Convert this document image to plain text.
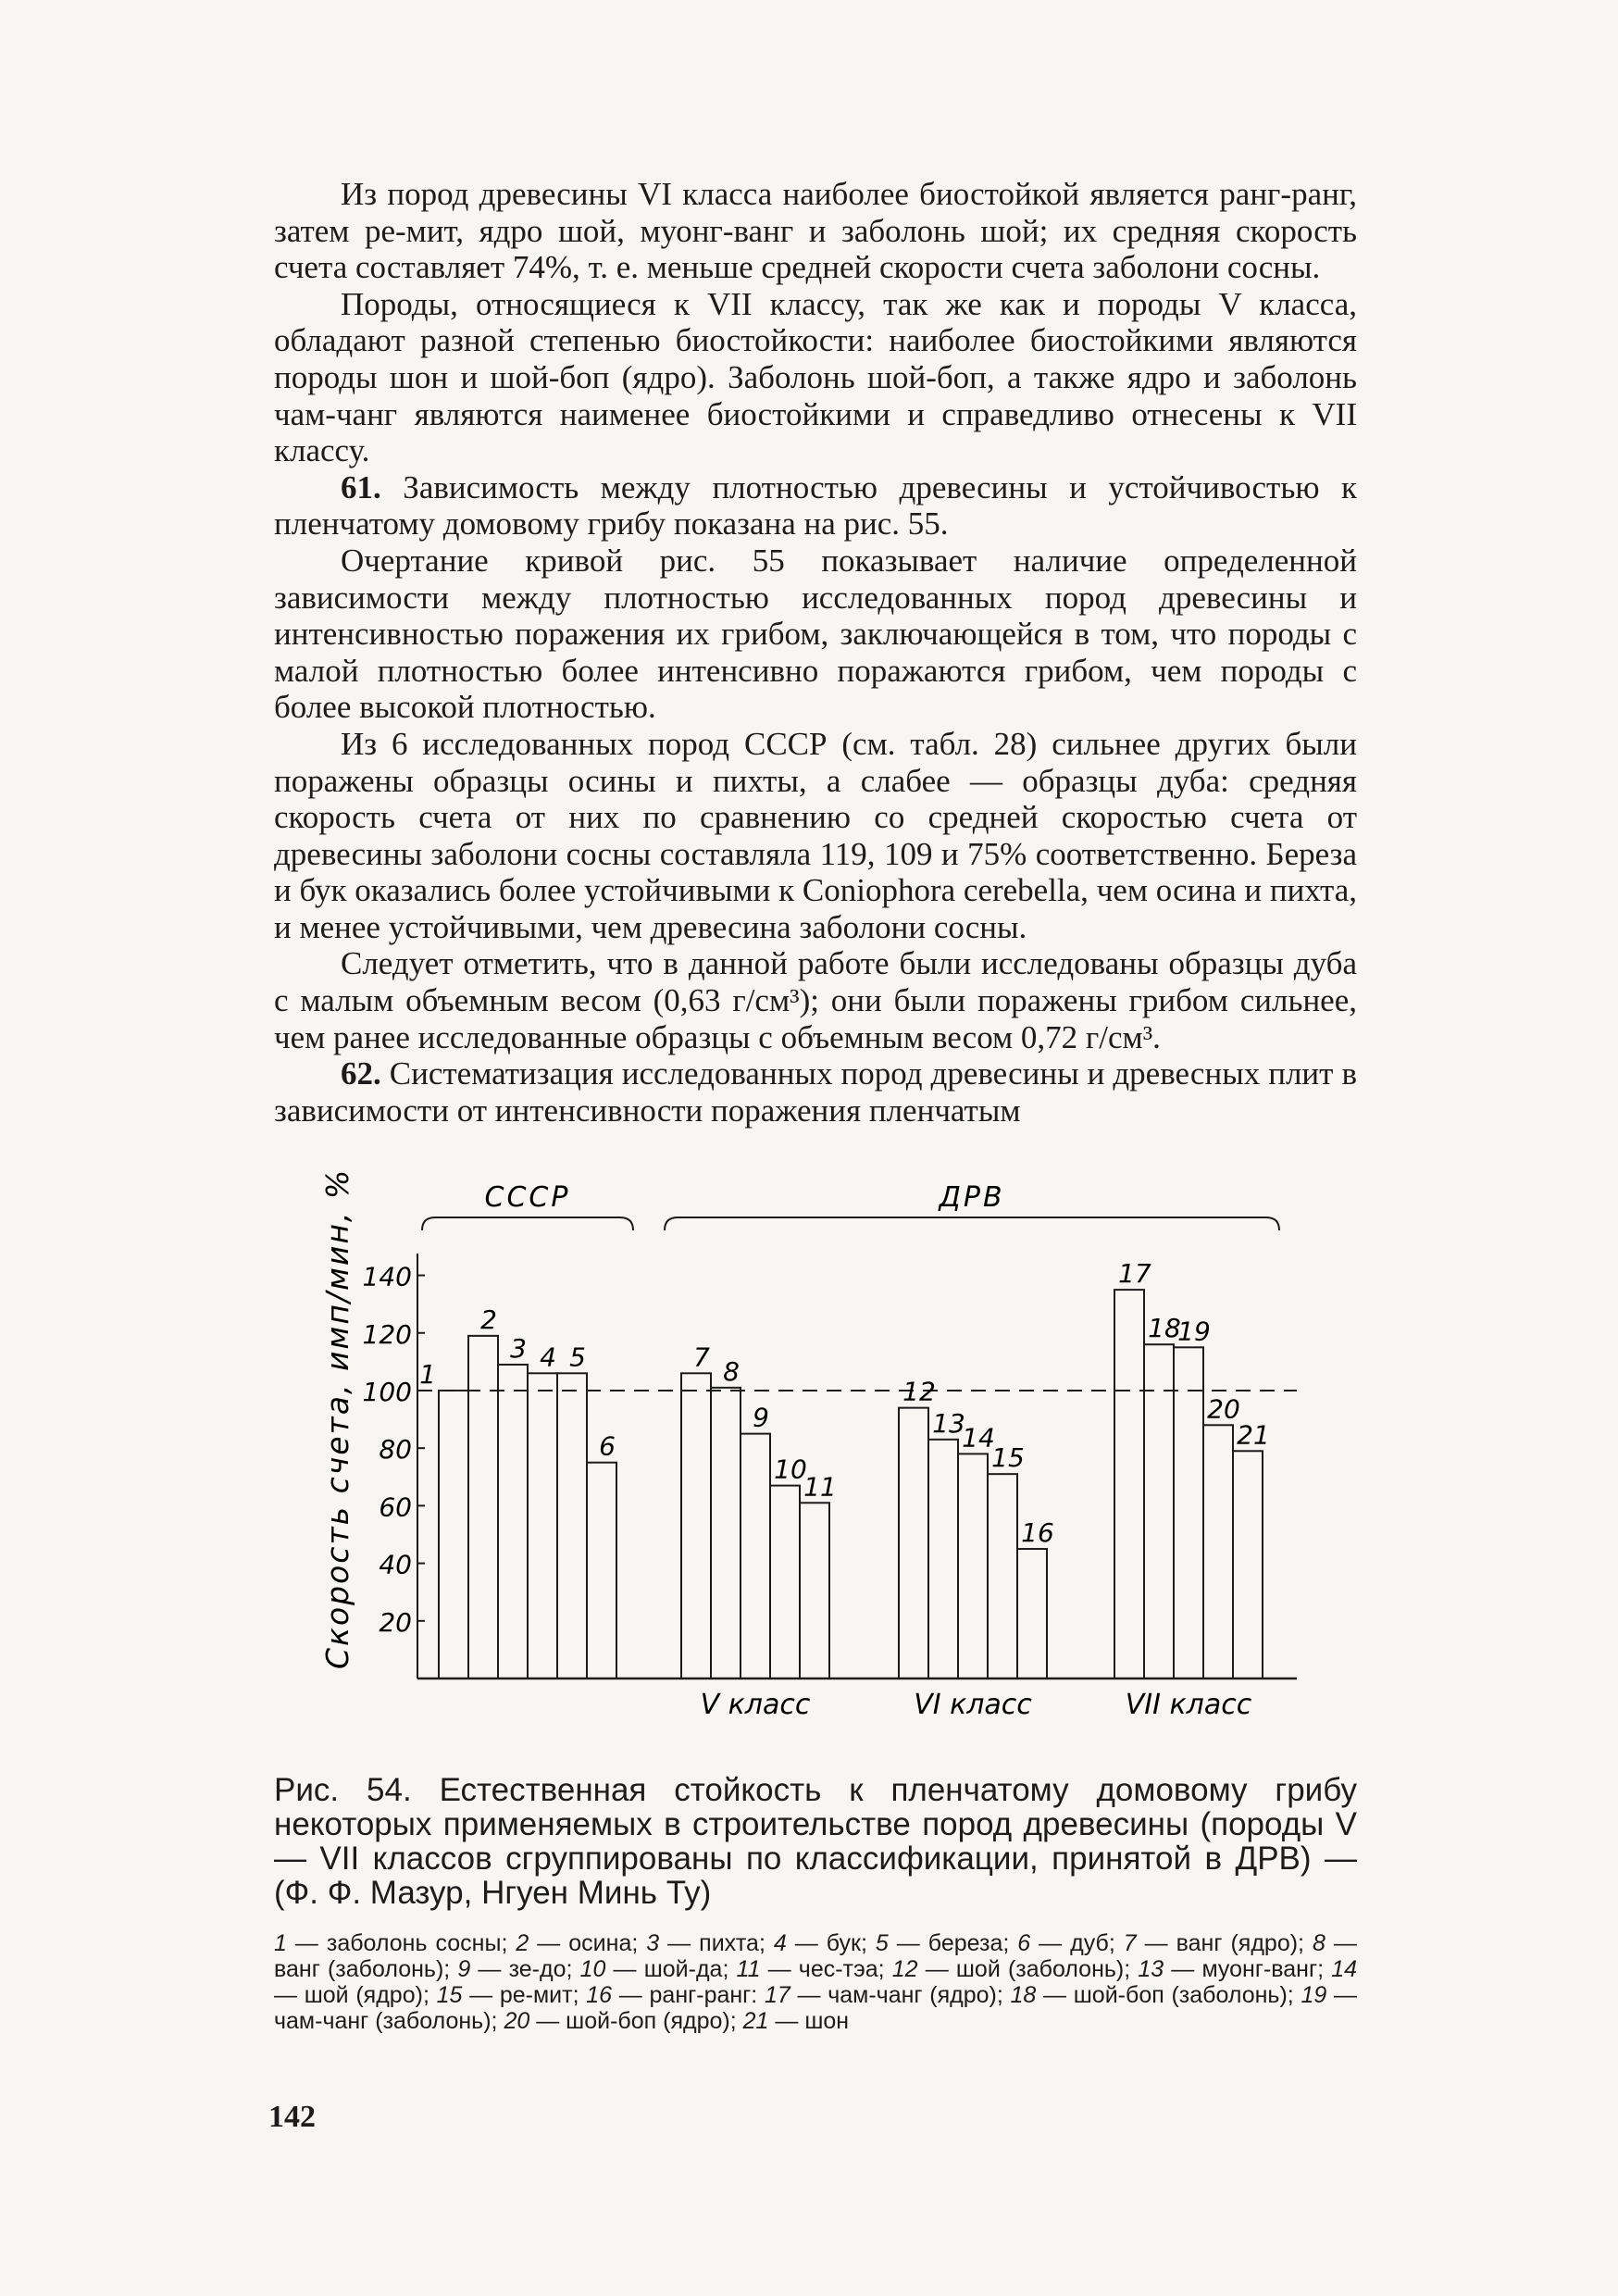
Из пород древесины VI класса наиболее биостойкой является ранг-ранг, затем ре-мит, ядро шой, муонг-ванг и заболонь шой; их средняя скорость счета составляет 74%, т. е. меньше средней скорости счета заболони сосны.

Породы, относящиеся к VII классу, так же как и породы V класса, обладают разной степенью биостойкости: наиболее биостойкими являются породы шон и шой-боп (ядро). Заболонь шой-боп, а также ядро и заболонь чам-чанг являются наименее биостойкими и справедливо отнесены к VII классу.

61. Зависимость между плотностью древесины и устойчивостью к пленчатому домовому грибу показана на рис. 55.

Очертание кривой рис. 55 показывает наличие определенной зависимости между плотностью исследованных пород древесины и интенсивностью поражения их грибом, заключающейся в том, что породы с малой плотностью более интенсивно поражаются грибом, чем породы с более высокой плотностью.

Из 6 исследованных пород СССР (см. табл. 28) сильнее других были поражены образцы осины и пихты, а слабее — образцы дуба: средняя скорость счета от них по сравнению со средней скоростью счета от древесины заболони сосны составляла 119, 109 и 75% соответственно. Береза и бук оказались более устойчивыми к Coniophora cerebella, чем осина и пихта, и менее устойчивыми, чем древесина заболони сосны.

Следует отметить, что в данной работе были исследованы образцы дуба с малым объемным весом (0,63 г/см³); они были поражены грибом сильнее, чем ранее исследованные образцы с объемным весом 0,72 г/см³.

62. Систематизация исследованных пород древесины и древесных плит в зависимости от интенсивности поражения пленчатым

20
40
60
80
100
120
140
Скорость счета, имп/мин, % 1
2
3 4 5
6
7 8
9
10
11
12
13
14
15
16
17
18
19
20
21
V класс	VI класс	VII класс
СССР	ДРВ
Рис. 54. Естественная стойкость к пленчатому домовому грибу некоторых применяемых в строительстве пород древесины (породы V — VII классов сгруппированы по классификации, принятой в ДРВ) — (Ф. Ф. Мазур, Нгуен Минь Ту)
1 — заболонь сосны; 2 — осина; 3 — пихта; 4 — бук; 5 — береза; 6 — дуб; 7 — ванг (ядро); 8 — ванг (заболонь); 9 — зе-до; 10 — шой-да; 11 — чес-тэа; 12 — шой (заболонь); 13 — муонг-ванг; 14 — шой (ядро); 15 — ре-мит; 16 — ранг-ранг: 17 — чам-чанг (ядро); 18 — шой-боп (заболонь); 19 — чам-чанг (заболонь); 20 — шой-боп (ядро); 21 — шон
142
